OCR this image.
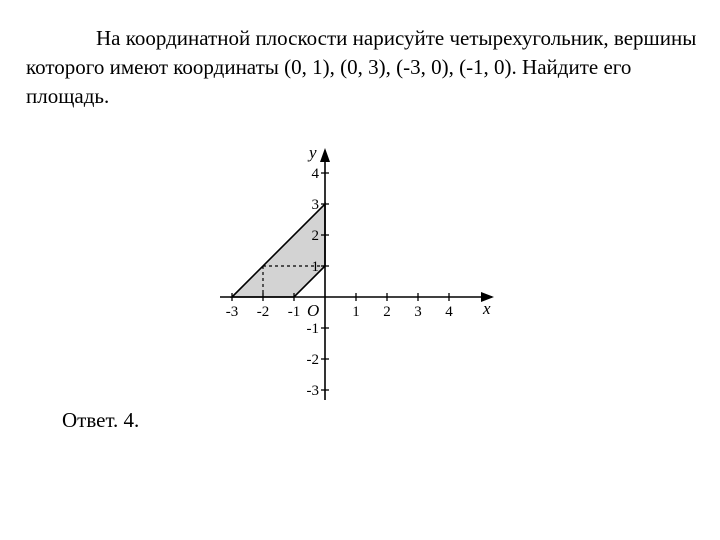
На координатной плоскости нарисуйте четырехугольник, вершины которого имеют координаты (0, 1), (0, 3), (-3, 0), (-1, 0). Найдите его площадь.
-3 -2 -1	1 2 3 4
4
3
2
1
-1
-2
-3
x
y
O
Ответ. 4.
